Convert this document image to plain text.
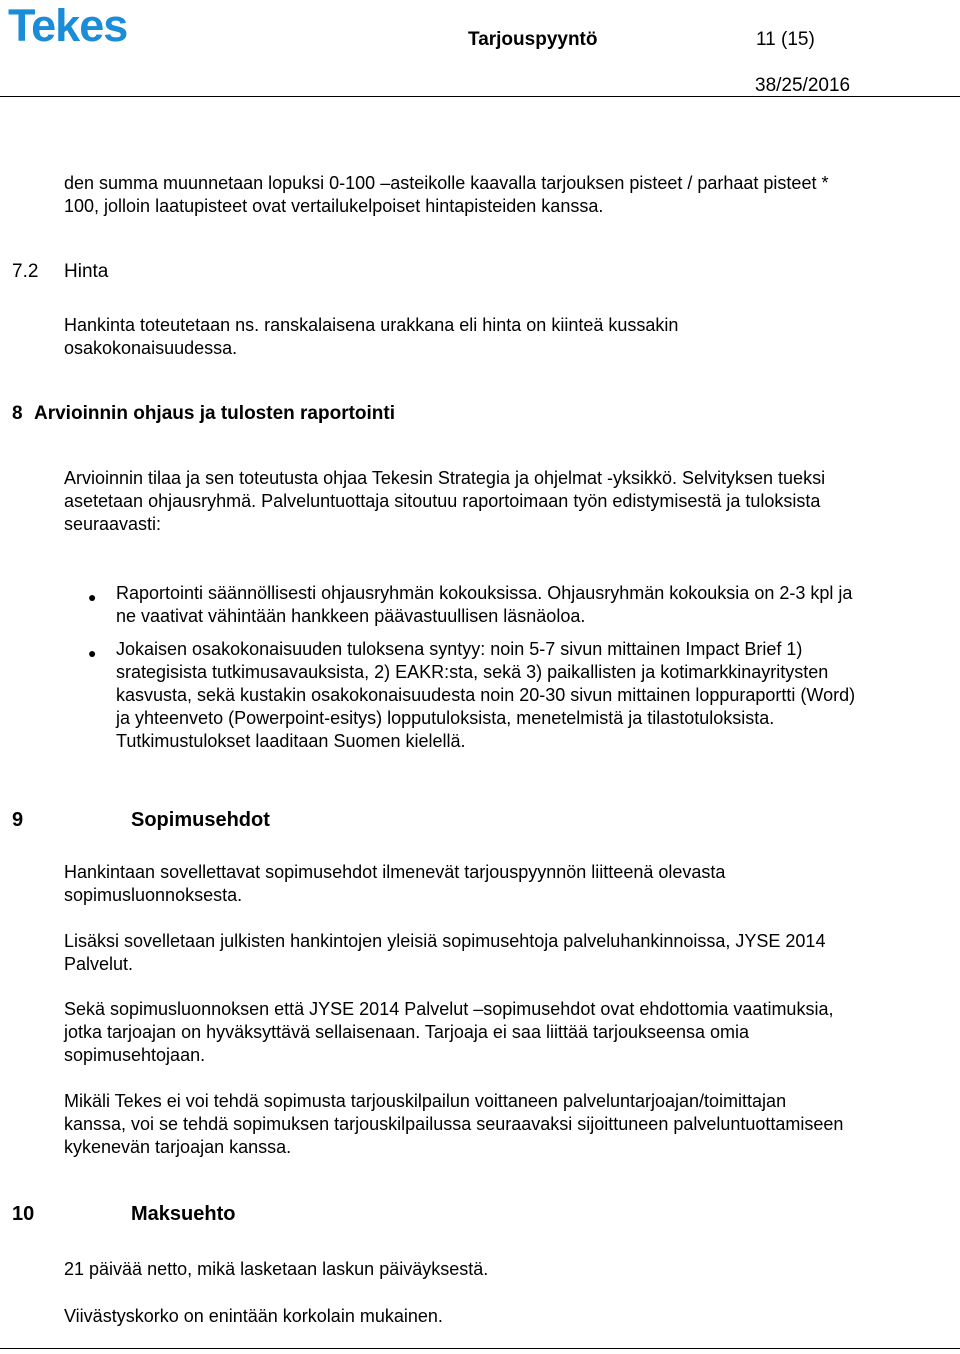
Tekes	Tarjouspyyntö	11 (15)
38/25/2016

den summa muunnetaan lopuksi 0-100 –asteikolle kaavalla tarjouksen pisteet / parhaat pisteet * 100, jolloin laatupisteet ovat vertailukelpoiset hintapisteiden kanssa.

7.2 Hinta

Hankinta toteutetaan ns. ranskalaisena urakkana eli hinta on kiinteä kussakin osakokonaisuudessa.

8 Arvioinnin ohjaus ja tulosten raportointi

Arvioinnin tilaa ja sen toteutusta ohjaa Tekesin Strategia ja ohjelmat -yksikkö. Selvityksen tueksi asetetaan ohjausryhmä. Palveluntuottaja sitoutuu raportoimaan työn edistymisestä ja tuloksista seuraavasti:

● Raportointi säännöllisesti ohjausryhmän kokouksissa. Ohjausryhmän kokouksia on 2-3 kpl ja ne vaativat vähintään hankkeen päävastuullisen läsnäoloa.

● Jokaisen osakokonaisuuden tuloksena syntyy: noin 5-7 sivun mittainen Impact Brief 1) srategisista tutkimusavauksista, 2) EAKR:sta, sekä 3) paikallisten ja kotimarkkinayritysten kasvusta, sekä kustakin osakokonaisuudesta noin 20-30 sivun mittainen loppuraportti (Word) ja yhteenveto (Powerpoint-esitys) lopputuloksista, menetelmistä ja tilastotuloksista. Tutkimustulokset laaditaan Suomen kielellä.

9	Sopimusehdot

Hankintaan sovellettavat sopimusehdot ilmenevät tarjouspyynnön liitteenä olevasta sopimusluonnoksesta.

Lisäksi sovelletaan julkisten hankintojen yleisiä sopimusehtoja palveluhankinnoissa, JYSE 2014 Palvelut.

Sekä sopimusluonnoksen että JYSE 2014 Palvelut –sopimusehdot ovat ehdottomia vaatimuksia, jotka tarjoajan on hyväksyttävä sellaisenaan. Tarjoaja ei saa liittää tarjoukseensa omia sopimusehtojaan.

Mikäli Tekes ei voi tehdä sopimusta tarjouskilpailun voittaneen palveluntarjoajan/toimittajan kanssa, voi se tehdä sopimuksen tarjouskilpailussa seuraavaksi sijoittuneen palveluntuottamiseen kykenevän tarjoajan kanssa.

10	Maksuehto

21 päivää netto, mikä lasketaan laskun päiväyksestä.

Viivästyskorko on enintään korkolain mukainen.
